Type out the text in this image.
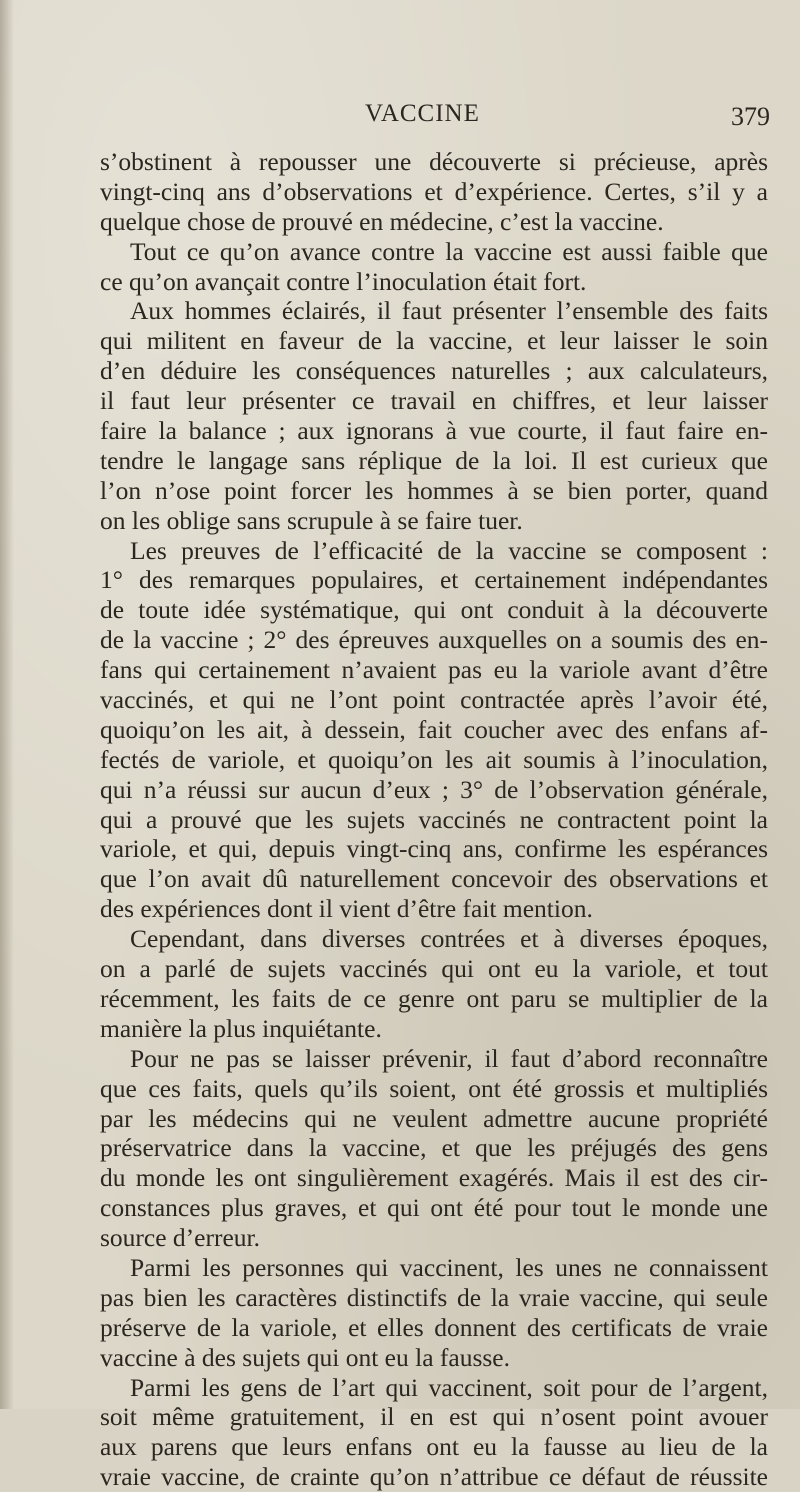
VACCINE	379
s’obstinent à repousser une découverte si précieuse, après
vingt-cinq ans d’observations et d’expérience. Certes, s’il y a
quelque chose de prouvé en médecine, c’est la vaccine.
Tout ce qu’on avance contre la vaccine est aussi faible que
ce qu’on avançait contre l’inoculation était fort.
Aux hommes éclairés, il faut présenter l’ensemble des faits
qui militent en faveur de la vaccine, et leur laisser le soin
d’en déduire les conséquences naturelles ; aux calculateurs,
il faut leur présenter ce travail en chiffres, et leur laisser
faire la balance ; aux ignorans à vue courte, il faut faire en-
tendre le langage sans réplique de la loi. Il est curieux que
l’on n’ose point forcer les hommes à se bien porter, quand
on les oblige sans scrupule à se faire tuer.
Les preuves de l’efficacité de la vaccine se composent :
1° des remarques populaires, et certainement indépendantes
de toute idée systématique, qui ont conduit à la découverte
de la vaccine ; 2° des épreuves auxquelles on a soumis des en-
fans qui certainement n’avaient pas eu la variole avant d’être
vaccinés, et qui ne l’ont point contractée après l’avoir été,
quoiqu’on les ait, à dessein, fait coucher avec des enfans af-
fectés de variole, et quoiqu’on les ait soumis à l’inoculation,
qui n’a réussi sur aucun d’eux ; 3° de l’observation générale,
qui a prouvé que les sujets vaccinés ne contractent point la
variole, et qui, depuis vingt-cinq ans, confirme les espérances
que l’on avait dû naturellement concevoir des observations et
des expériences dont il vient d’être fait mention.
Cependant, dans diverses contrées et à diverses époques,
on a parlé de sujets vaccinés qui ont eu la variole, et tout
récemment, les faits de ce genre ont paru se multiplier de la
manière la plus inquiétante.
Pour ne pas se laisser prévenir, il faut d’abord reconnaître
que ces faits, quels qu’ils soient, ont été grossis et multipliés
par les médecins qui ne veulent admettre aucune propriété
préservatrice dans la vaccine, et que les préjugés des gens
du monde les ont singulièrement exagérés. Mais il est des cir-
constances plus graves, et qui ont été pour tout le monde une
source d’erreur.
Parmi les personnes qui vaccinent, les unes ne connaissent
pas bien les caractères distinctifs de la vraie vaccine, qui seule
préserve de la variole, et elles donnent des certificats de vraie
vaccine à des sujets qui ont eu la fausse.
Parmi les gens de l’art qui vaccinent, soit pour de l’argent,
soit même gratuitement, il en est qui n’osent point avouer
aux parens que leurs enfans ont eu la fausse au lieu de la
vraie vaccine, de crainte qu’on n’attribue ce défaut de réussite
